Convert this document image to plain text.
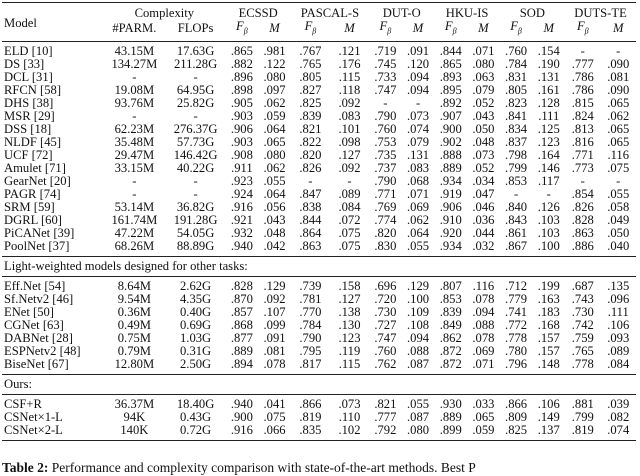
Model	Complexity		ECSSD		PASCAL-S		DUT-O		HKU-IS		SOD		DUTS-TE	
	#PARM.	FLOPs	$F_\beta$	M	$F_\beta$	M	$F_\beta$	M	$F_\beta$	M	$F_\beta$	M	$F_\beta$	M
ELD [10]	43.15M	17.63G	.865	.981	.767	.121	.719	.091	.844	.071	.760	.154	-	-
DS [33]	134.27M	211.28G	.882	.122	.765	.176	.745	.120	.865	.080	.784	.190	.777	.090
DCL [31]	-	-	.896	.080	.805	.115	.733	.094	.893	.063	.831	.131	.786	.081
RFCN [58]	19.08M	64.95G	.898	.097	.827	.118	.747	.094	.895	.079	.805	.161	.786	.090
DHS [38]	93.76M	25.82G	.905	.062	.825	.092	-	-	.892	.052	.823	.128	.815	.065
MSR [29]	-	-	.903	.059	.839	.083	.790	.073	.907	.043	.841	.111	.824	.062
DSS [18]	62.23M	276.37G	.906	.064	.821	.101	.760	.074	.900	.050	.834	.125	.813	.065
NLDF [45]	35.48M	57.73G	.903	.065	.822	.098	.753	.079	.902	.048	.837	.123	.816	.065
UCF [72]	29.47M	146.42G	.908	.080	.820	.127	.735	.131	.888	.073	.798	.164	.771	.116
Amulet [71]	33.15M	40.22G	.911	.062	.826	.092	.737	.083	.889	.052	.799	.146	.773	.075
GearNet [20]	-	-	.923	.055	-	-	.790	.068	.934	.034	.853	.117	-	-
PAGR [74]	-	-	.924	.064	.847	.089	.771	.071	.919	.047	-	-	.854	.055
SRM [59]	53.14M	36.82G	.916	.056	.838	.084	.769	.069	.906	.046	.840	.126	.826	.058
DGRL [60]	161.74M	191.28G	.921	.043	.844	.072	.774	.062	.910	.036	.843	.103	.828	.049
PiCANet [39]	47.22M	54.05G	.932	.048	.864	.075	.820	.064	.920	.044	.861	.103	.863	.050
PoolNet [37]	68.26M	88.89G	.940	.042	.863	.075	.830	.055	.934	.032	.867	.100	.886	.040
Light-weighted models designed for other tasks:														
Eff.Net [54]	8.64M	2.62G	.828	.129	.739	.158	.696	.129	.807	.116	.712	.199	.687	.135
Sf.Netv2 [46]	9.54M	4.35G	.870	.092	.781	.127	.720	.100	.853	.078	.779	.163	.743	.096
ENet [50]	0.36M	0.40G	.857	.107	.770	.138	.730	.109	.839	.094	.741	.183	.730	.111
CGNet [63]	0.49M	0.69G	.868	.099	.784	.130	.727	.108	.849	.088	.772	.168	.742	.106
DABNet [28]	0.75M	1.03G	.877	.091	.790	.123	.747	.094	.862	.078	.778	.157	.759	.093
ESPNetv2 [48]	0.79M	0.31G	.889	.081	.795	.119	.760	.088	.872	.069	.780	.157	.765	.089
BiseNet [67]	12.80M	2.50G	.894	.078	.817	.115	.762	.087	.872	.071	.796	.148	.778	.084
Ours:														
CSF+R	36.37M	18.40G	.940	.041	.866	.073	.821	.055	.930	.033	.866	.106	.881	.039
CSNet×1-L	94K	0.43G	.900	.075	.819	.110	.777	.087	.889	.065	.809	.149	.799	.082
CSNet×2-L	140K	0.72G	.916	.066	.835	.102	.792	.080	.899	.059	.825	.137	.819	.074

Table 2: Performance and complexity comparison with state-of-the-art methods. Best P
